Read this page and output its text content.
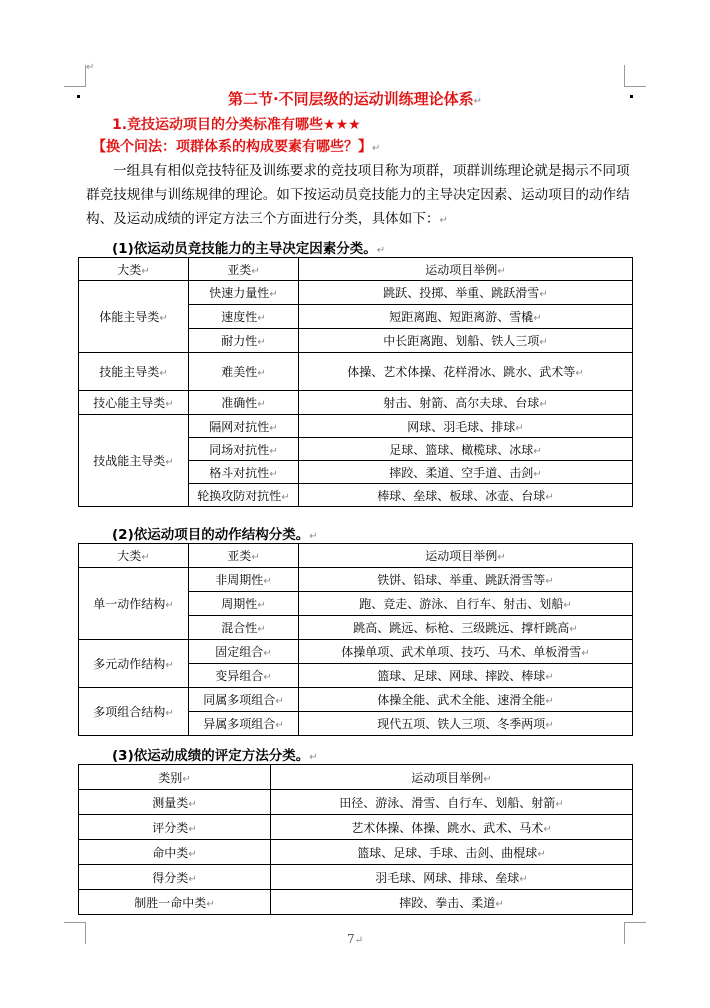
↵
第二节·不同层级的运动训练理论体系↵
1.竞技运动项目的分类标准有哪些★★★
【换个问法：项群体系的构成要素有哪些？】↵
一组具有相似竞技特征及训练要求的竞技项目称为项群，项群训练理论就是揭示不同项群竞技规律与训练规律的理论。如下按运动员竞技能力的主导决定因素、运动项目的动作结构、及运动成绩的评定方法三个方面进行分类，具体如下：↵
(1)依运动员竞技能力的主导决定因素分类。↵
大类↵	亚类↵	运动项目举例↵
体能主导类↵	快速力量性↵	跳跃、投掷、举重、跳跃滑雪↵
	速度性↵	短距离跑、短距离游、雪橇↵
	耐力性↵	中长距离跑、划船、铁人三项↵
技能主导类↵	难美性↵	体操、艺术体操、花样滑冰、跳水、武术等↵
技心能主导类↵	准确性↵	射击、射箭、高尔夫球、台球↵
技战能主导类↵	隔网对抗性↵	网球、羽毛球、排球↵
	同场对抗性↵	足球、篮球、橄榄球、冰球↵
	格斗对抗性↵	摔跤、柔道、空手道、击剑↵
	轮换攻防对抗性↵	棒球、垒球、板球、冰壶、台球↵
(2)依运动项目的动作结构分类。↵
大类↵	亚类↵	运动项目举例↵
单一动作结构↵	非周期性↵	铁饼、铅球、举重、跳跃滑雪等↵
	周期性↵	跑、竞走、游泳、自行车、射击、划船↵
	混合性↵	跳高、跳远、标枪、三级跳远、撑杆跳高↵
多元动作结构↵	固定组合↵	体操单项、武术单项、技巧、马术、单板滑雪↵
	变异组合↵	篮球、足球、网球、摔跤、棒球↵
多项组合结构↵	同属多项组合↵	体操全能、武术全能、速滑全能↵
	异属多项组合↵	现代五项、铁人三项、冬季两项↵
(3)依运动成绩的评定方法分类。↵
类别↵	运动项目举例↵
测量类↵	田径、游泳、滑雪、自行车、划船、射箭↵
评分类↵	艺术体操、体操、跳水、武术、马术↵
命中类↵	篮球、足球、手球、击剑、曲棍球↵
得分类↵	羽毛球、网球、排球、垒球↵
制胜一命中类↵	摔跤、拳击、柔道↵
7↵
